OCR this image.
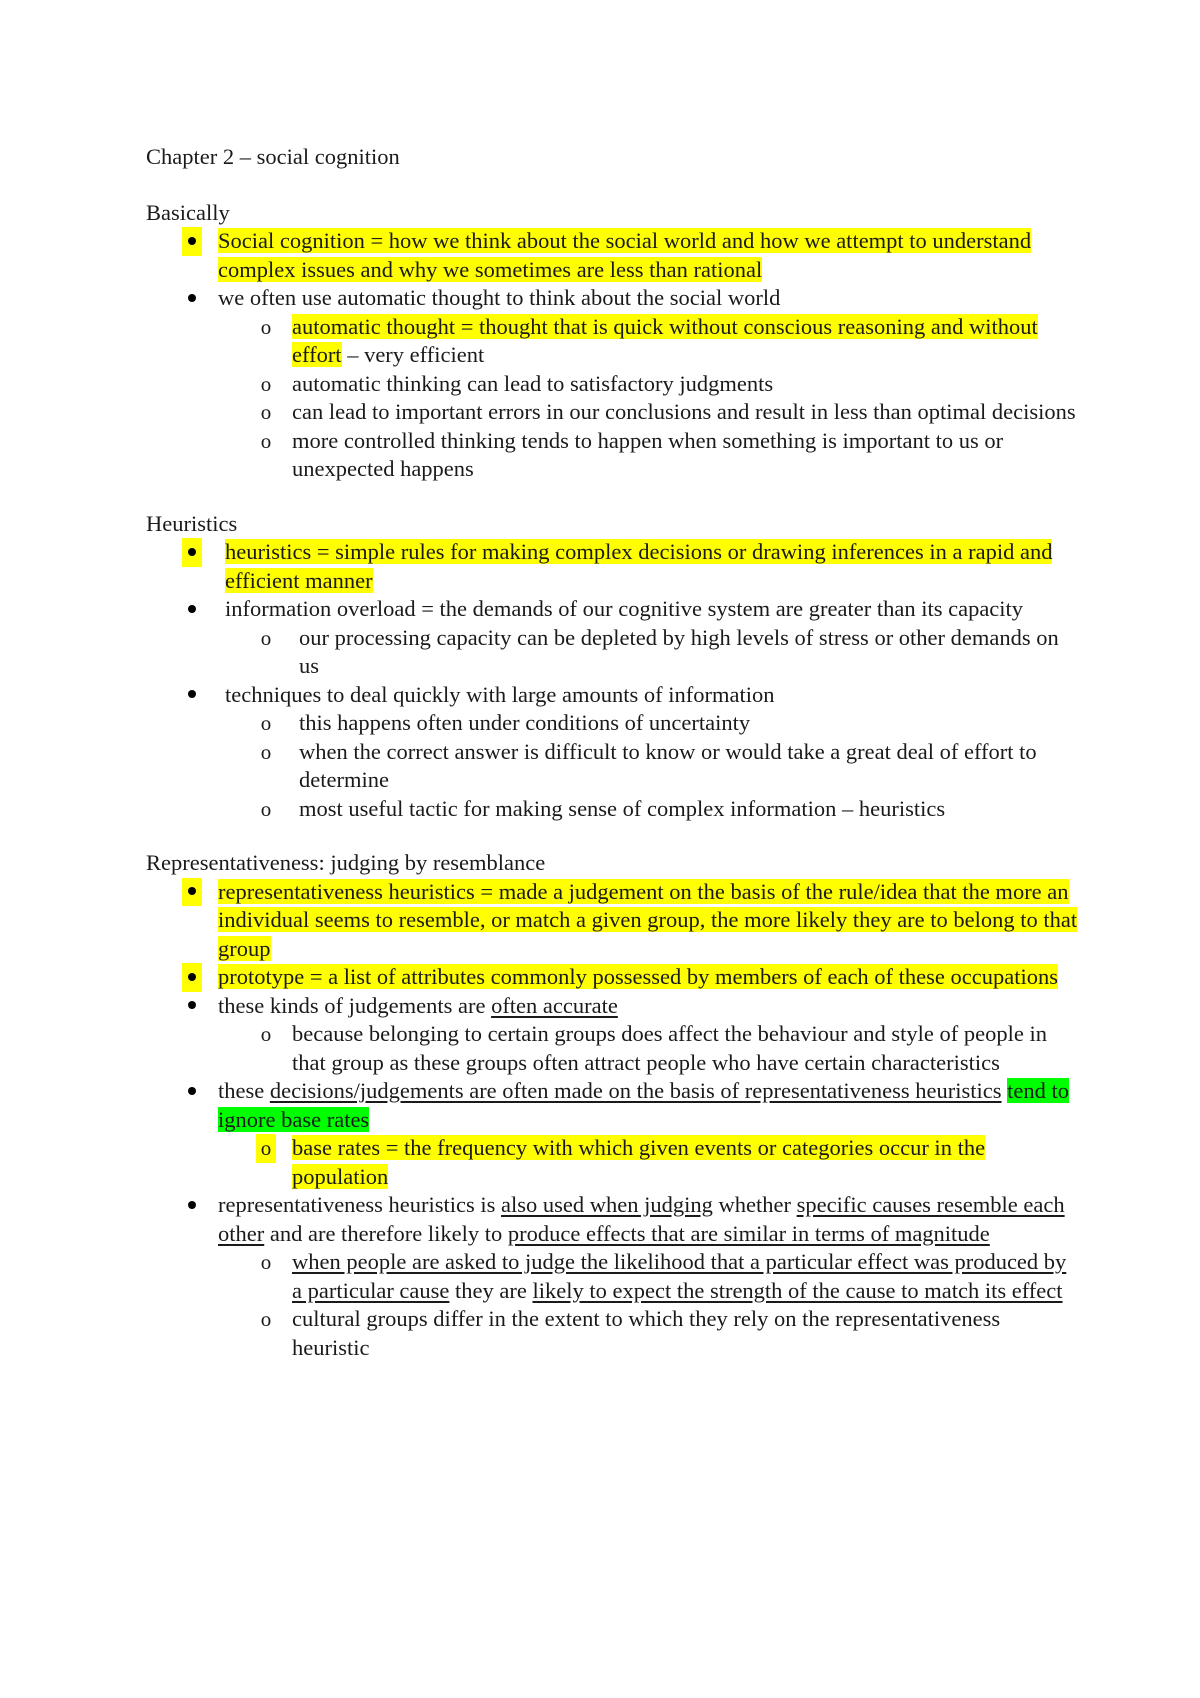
Chapter 2 – social cognition

Basically

Social cognition = how we think about the social world and how we attempt to understand complex issues and why we sometimes are less than rational
we often use automatic thought to think about the social world
o automatic thought = thought that is quick without conscious reasoning and without effort – very efficient
o automatic thinking can lead to satisfactory judgments
o can lead to important errors in our conclusions and result in less than optimal decisions
o more controlled thinking tends to happen when something is important to us or unexpected happens

Heuristics

heuristics = simple rules for making complex decisions or drawing inferences in a rapid and efficient manner
information overload = the demands of our cognitive system are greater than its capacity
o our processing capacity can be depleted by high levels of stress or other demands on us
techniques to deal quickly with large amounts of information
o this happens often under conditions of uncertainty
o when the correct answer is difficult to know or would take a great deal of effort to determine
o most useful tactic for making sense of complex information – heuristics

Representativeness: judging by resemblance

representativeness heuristics = made a judgement on the basis of the rule/idea that the more an individual seems to resemble, or match a given group, the more likely they are to belong to that group
prototype = a list of attributes commonly possessed by members of each of these occupations
these kinds of judgements are often accurate
o because belonging to certain groups does affect the behaviour and style of people in that group as these groups often attract people who have certain characteristics
these decisions/judgements are often made on the basis of representativeness heuristics tend to ignore base rates
o base rates = the frequency with which given events or categories occur in the population
representativeness heuristics is also used when judging whether specific causes resemble each other and are therefore likely to produce effects that are similar in terms of magnitude
o when people are asked to judge the likelihood that a particular effect was produced by a particular cause they are likely to expect the strength of the cause to match its effect
o cultural groups differ in the extent to which they rely on the representativeness heuristic
